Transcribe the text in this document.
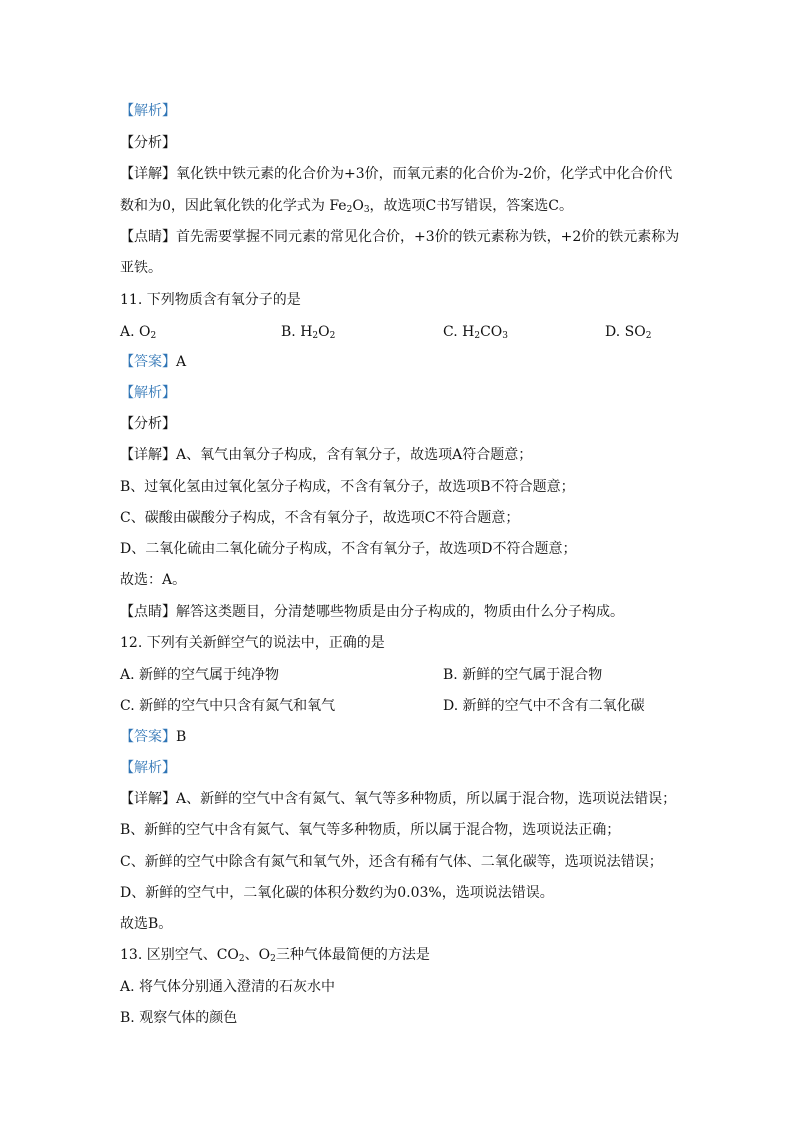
【解析】
【分析】
【详解】氧化铁中铁元素的化合价为+3价，而氧元素的化合价为-2价，化学式中化合价代
数和为0，因此氧化铁的化学式为 $Fe_2O_3$，故选项C书写错误，答案选C。
【点睛】首先需要掌握不同元素的常见化合价，+3价的铁元素称为铁，+2价的铁元素称为
亚铁。
11. 下列物质含有氧分子的是
A. $O_2$	B. $H_2O_2$	C. $H_2CO_3$	D. $SO_2$
【答案】A
【解析】
【分析】
【详解】A、氧气由氧分子构成，含有氧分子，故选项A符合题意；
B、过氧化氢由过氧化氢分子构成，不含有氧分子，故选项B不符合题意；
C、碳酸由碳酸分子构成，不含有氧分子，故选项C不符合题意；
D、二氧化硫由二氧化硫分子构成，不含有氧分子，故选项D不符合题意；
故选：A。
【点睛】解答这类题目，分清楚哪些物质是由分子构成的，物质由什么分子构成。
12. 下列有关新鲜空气的说法中，正确的是
A. 新鲜的空气属于纯净物	B. 新鲜的空气属于混合物
C. 新鲜的空气中只含有氮气和氧气	D. 新鲜的空气中不含有二氧化碳
【答案】B
【解析】
【详解】A、新鲜的空气中含有氮气、氧气等多种物质，所以属于混合物，选项说法错误；
B、新鲜的空气中含有氮气、氧气等多种物质，所以属于混合物，选项说法正确；
C、新鲜的空气中除含有氮气和氧气外，还含有稀有气体、二氧化碳等，选项说法错误；
D、新鲜的空气中，二氧化碳的体积分数约为0.03%，选项说法错误。
故选B。
13. 区别空气、$CO_2$、$O_2$三种气体最简便的方法是
A. 将气体分别通入澄清的石灰水中
B. 观察气体的颜色
